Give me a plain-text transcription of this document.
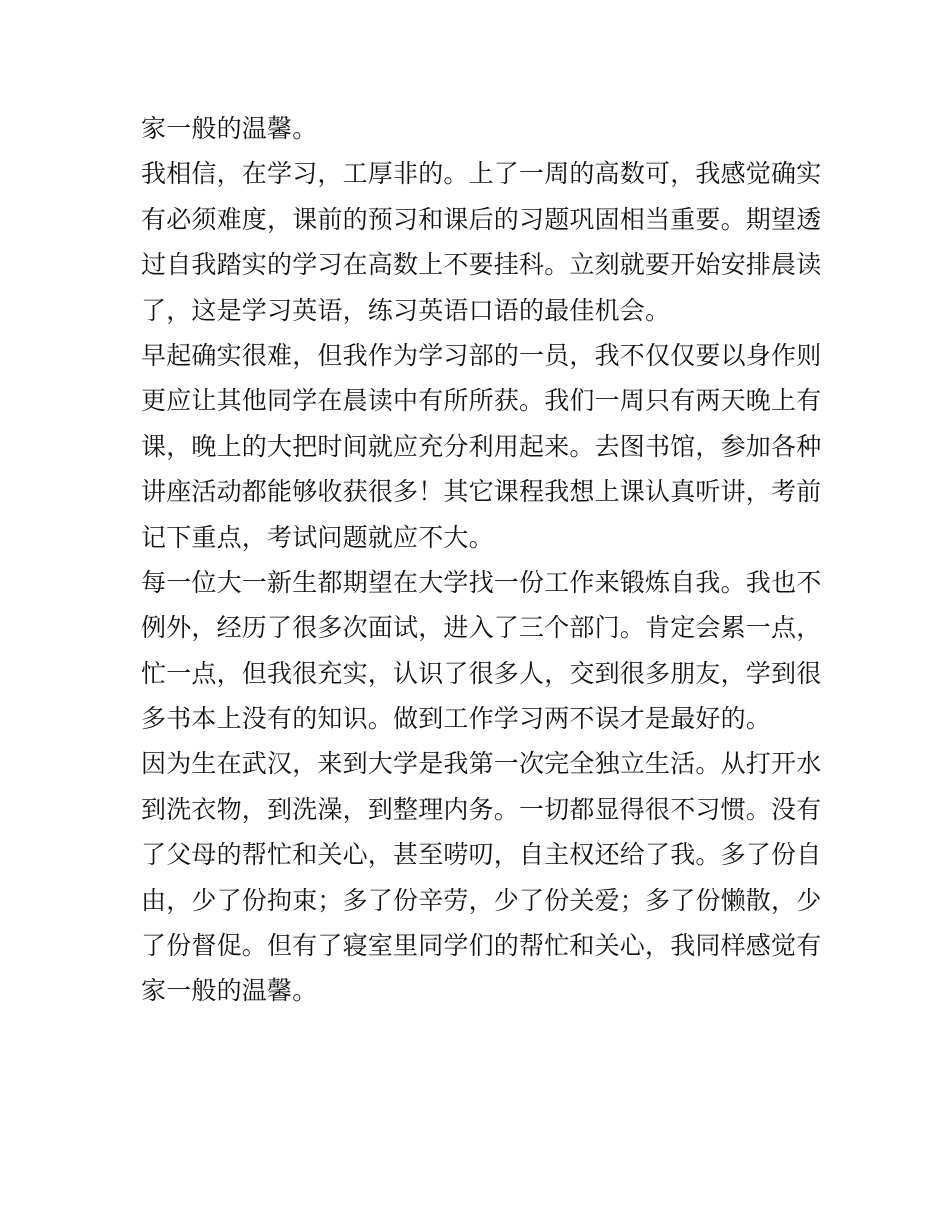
家一般的温馨。
我相信，在学习，工厚非的。上了一周的高数可，我感觉确实
有必须难度，课前的预习和课后的习题巩固相当重要。期望透
过自我踏实的学习在高数上不要挂科。立刻就要开始安排晨读
了，这是学习英语，练习英语口语的最佳机会。
早起确实很难，但我作为学习部的一员，我不仅仅要以身作则
更应让其他同学在晨读中有所所获。我们一周只有两天晚上有
课，晚上的大把时间就应充分利用起来。去图书馆，参加各种
讲座活动都能够收获很多！其它课程我想上课认真听讲，考前
记下重点，考试问题就应不大。
每一位大一新生都期望在大学找一份工作来锻炼自我。我也不
例外，经历了很多次面试，进入了三个部门。肯定会累一点，
忙一点，但我很充实，认识了很多人，交到很多朋友，学到很
多书本上没有的知识。做到工作学习两不误才是最好的。
因为生在武汉，来到大学是我第一次完全独立生活。从打开水
到洗衣物，到洗澡，到整理内务。一切都显得很不习惯。没有
了父母的帮忙和关心，甚至唠叨，自主权还给了我。多了份自
由，少了份拘束；多了份辛劳，少了份关爱；多了份懒散，少
了份督促。但有了寝室里同学们的帮忙和关心，我同样感觉有
家一般的温馨。
